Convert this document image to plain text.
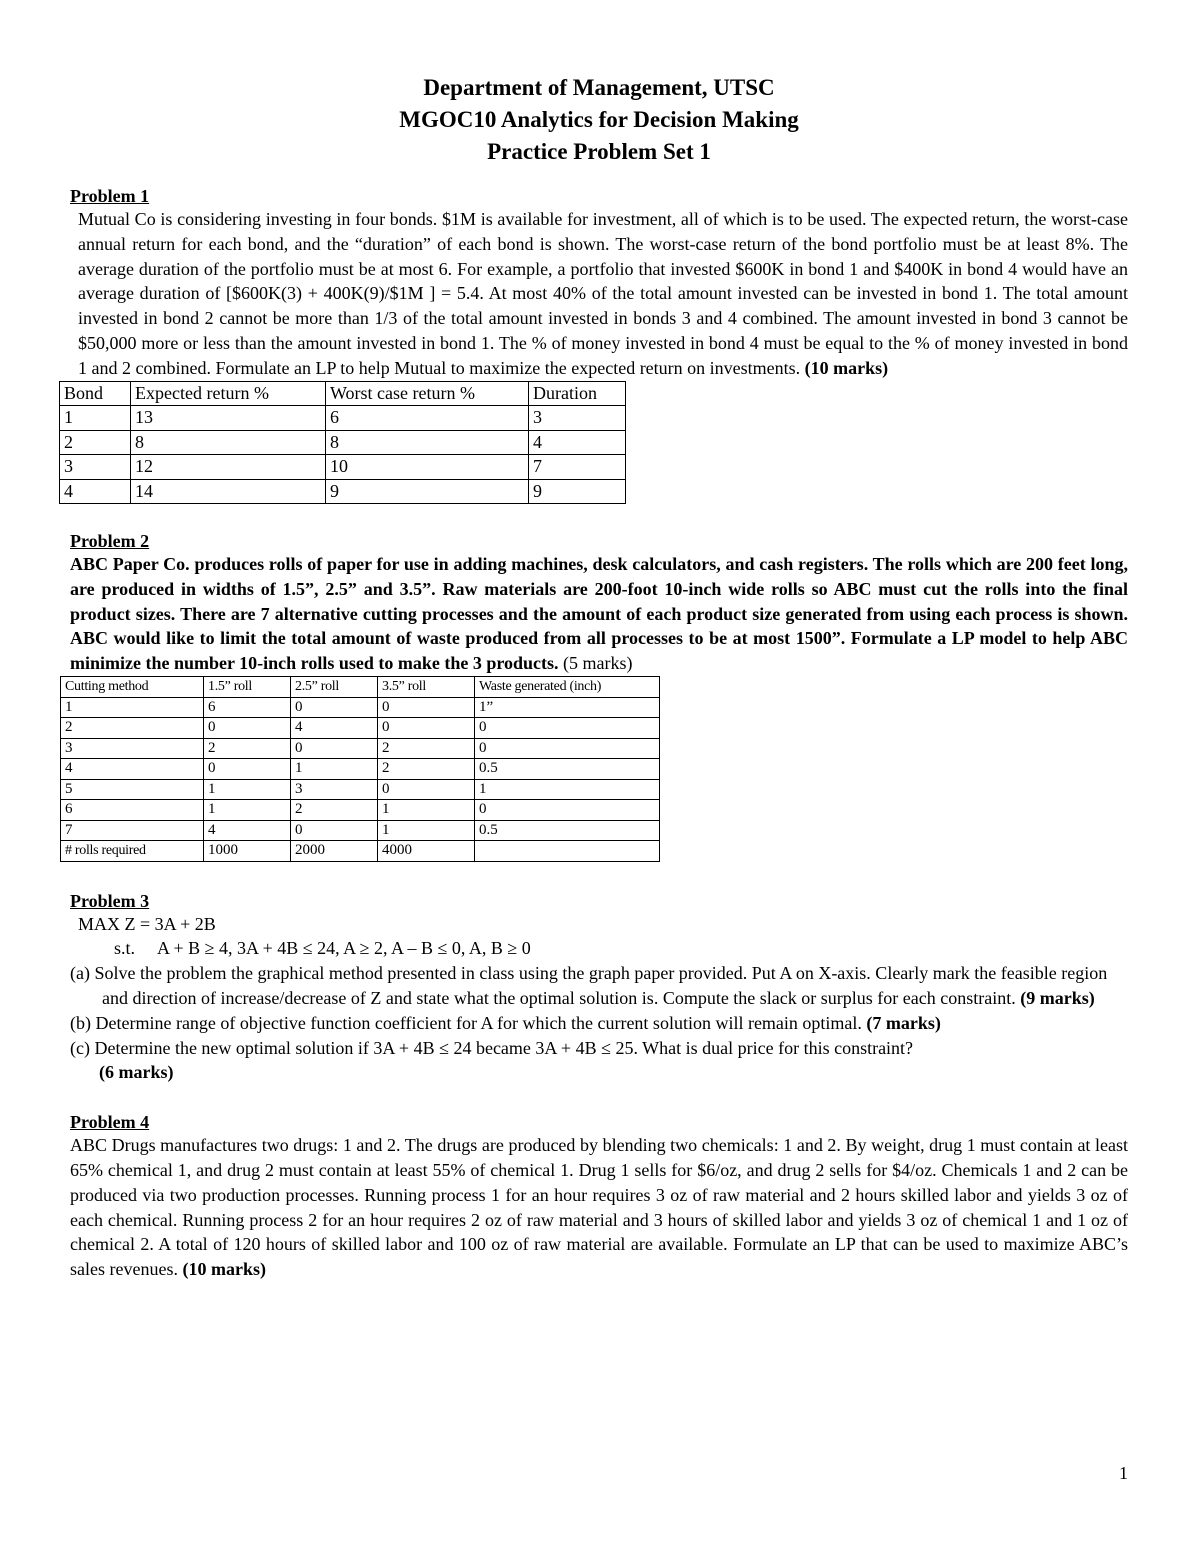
Department of Management, UTSC
MGOC10 Analytics for Decision Making
Practice Problem Set 1
Problem 1

Mutual Co is considering investing in four bonds. $1M is available for investment, all of which is to be used. The expected return, the worst-case annual return for each bond, and the “duration” of each bond is shown. The worst-case return of the bond portfolio must be at least 8%. The average duration of the portfolio must be at most 6. For example, a portfolio that invested $600K in bond 1 and $400K in bond 4 would have an average duration of [$600K(3) + 400K(9)/$1M ] = 5.4. At most 40% of the total amount invested can be invested in bond 1. The total amount invested in bond 2 cannot be more than 1/3 of the total amount invested in bonds 3 and 4 combined. The amount invested in bond 3 cannot be $50,000 more or less than the amount invested in bond 1. The % of money invested in bond 4 must be equal to the % of money invested in bond 1 and 2 combined. Formulate an LP to help Mutual to maximize the expected return on investments. (10 marks)

Bond	Expected return %	Worst case return %	Duration
1	13	6	3
2	8	8	4
3	12	10	7
4	14	9	9
Problem 2

ABC Paper Co. produces rolls of paper for use in adding machines, desk calculators, and cash registers. The rolls which are 200 feet long, are produced in widths of 1.5”, 2.5” and 3.5”. Raw materials are 200-foot 10-inch wide rolls so ABC must cut the rolls into the final product sizes. There are 7 alternative cutting processes and the amount of each product size generated from using each process is shown. ABC would like to limit the total amount of waste produced from all processes to be at most 1500”. Formulate a LP model to help ABC minimize the number 10-inch rolls used to make the 3 products. (5 marks)

Cutting method	1.5” roll	2.5” roll	3.5” roll	Waste generated (inch)
1	6	0	0	1”
2	0	4	0	0
3	2	0	2	0
4	0	1	2	0.5
5	1	3	0	1
6	1	2	1	0
7	4	0	1	0.5
# rolls required	1000	2000	4000	
Problem 3
MAX Z = 3A + 2B
s.t. A + B ≥ 4, 3A + 4B ≤ 24, A ≥ 2, A – B ≤ 0, A, B ≥ 0
(a) Solve the problem the graphical method presented in class using the graph paper provided. Put A on X-axis. Clearly mark the feasible region and direction of increase/decrease of Z and state what the optimal solution is. Compute the slack or surplus for each constraint. (9 marks)
(b) Determine range of objective function coefficient for A for which the current solution will remain optimal. (7 marks)
(c) Determine the new optimal solution if 3A + 4B ≤ 24 became 3A + 4B ≤ 25. What is dual price for this constraint?
(6 marks)
Problem 4

ABC Drugs manufactures two drugs: 1 and 2. The drugs are produced by blending two chemicals: 1 and 2. By weight, drug 1 must contain at least 65% chemical 1, and drug 2 must contain at least 55% of chemical 1. Drug 1 sells for $6/oz, and drug 2 sells for $4/oz. Chemicals 1 and 2 can be produced via two production processes. Running process 1 for an hour requires 3 oz of raw material and 2 hours skilled labor and yields 3 oz of each chemical. Running process 2 for an hour requires 2 oz of raw material and 3 hours of skilled labor and yields 3 oz of chemical 1 and 1 oz of chemical 2. A total of 120 hours of skilled labor and 100 oz of raw material are available. Formulate an LP that can be used to maximize ABC’s sales revenues. (10 marks)

1
